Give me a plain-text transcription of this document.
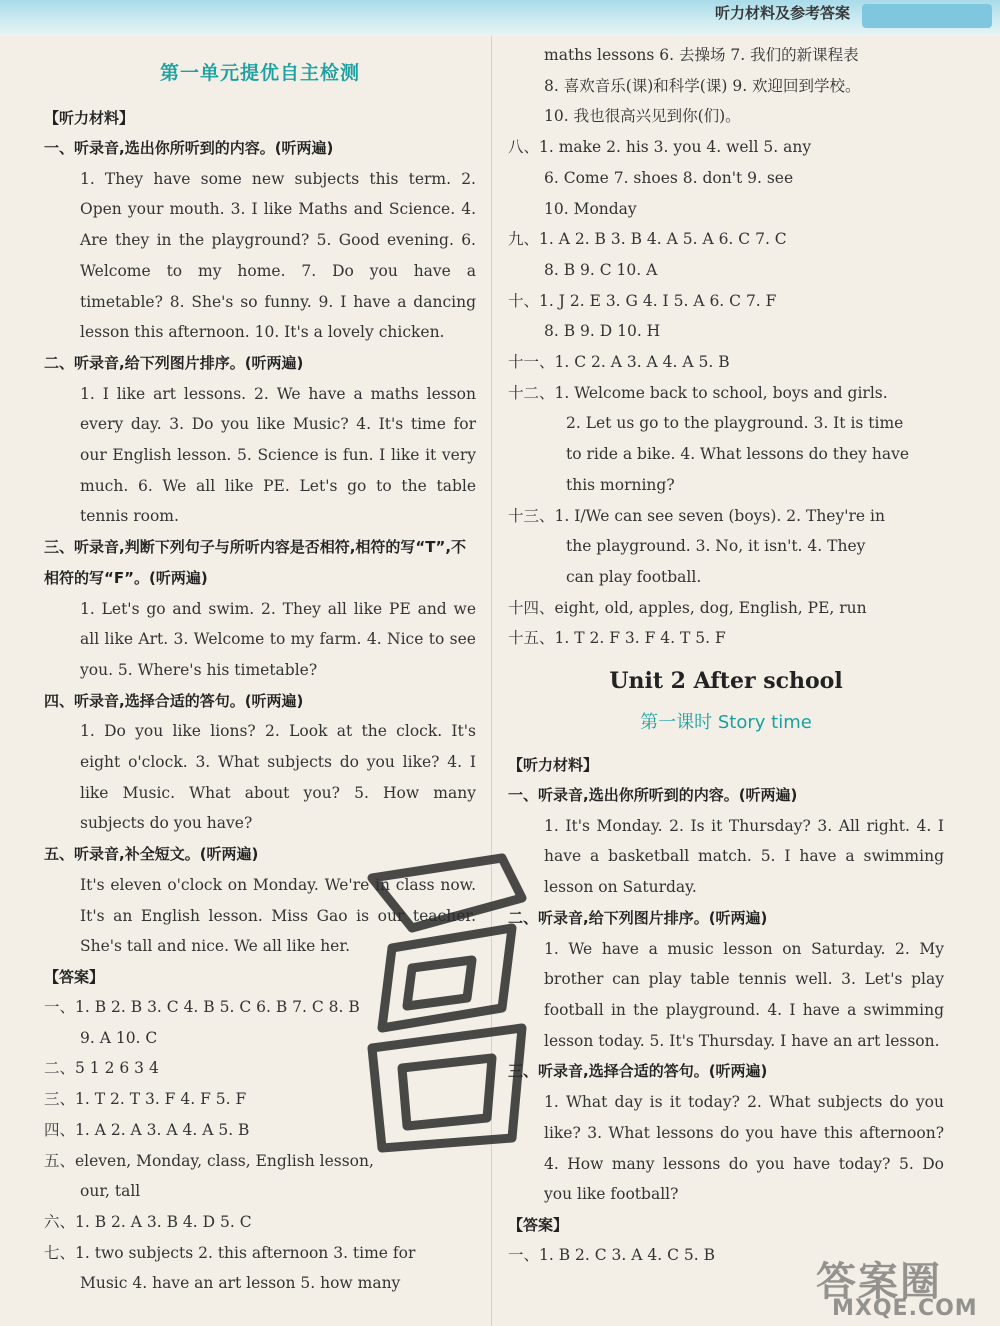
听力材料及参考答案
第一单元提优自主检测
【听力材料】
一、听录音,选出你所听到的内容。(听两遍)
1. They have some new subjects this term. 2. Open your mouth. 3. I like Maths and Science. 4. Are they in the playground? 5. Good evening. 6. Welcome to my home. 7. Do you have a timetable? 8. She's so funny. 9. I have a dancing lesson this afternoon. 10. It's a lovely chicken.
二、听录音,给下列图片排序。(听两遍)
1. I like art lessons. 2. We have a maths lesson every day. 3. Do you like Music? 4. It's time for our English lesson. 5. Science is fun. I like it very much. 6. We all like PE. Let's go to the table tennis room.
三、听录音,判断下列句子与所听内容是否相符,相符的写“T”,不相符的写“F”。(听两遍)
1. Let's go and swim. 2. They all like PE and we all like Art. 3. Welcome to my farm. 4. Nice to see you. 5. Where's his timetable?
四、听录音,选择合适的答句。(听两遍)
1. Do you like lions? 2. Look at the clock. It's eight o'clock. 3. What subjects do you like? 4. I like Music. What about you? 5. How many subjects do you have?
五、听录音,补全短文。(听两遍)
It's eleven o'clock on Monday. We're in class now. It's an English lesson. Miss Gao is our teacher. She's tall and nice. We all like her.
【答案】
一、1. B 2. B 3. C 4. B 5. C 6. B 7. C 8. B
9. A 10. C
二、5 1 2 6 3 4
三、1. T 2. T 3. F 4. F 5. F
四、1. A 2. A 3. A 4. A 5. B
五、eleven, Monday, class, English lesson,
our, tall
六、1. B 2. A 3. B 4. D 5. C
七、1. two subjects 2. this afternoon 3. time for
Music 4. have an art lesson 5. how many
maths lessons 6. 去操场 7. 我们的新课程表
8. 喜欢音乐(课)和科学(课) 9. 欢迎回到学校。
10. 我也很高兴见到你(们)。
八、1. make 2. his 3. you 4. well 5. any
6. Come 7. shoes 8. don't 9. see
10. Monday
九、1. A 2. B 3. B 4. A 5. A 6. C 7. C
8. B 9. C 10. A
十、1. J 2. E 3. G 4. I 5. A 6. C 7. F
8. B 9. D 10. H
十一、1. C 2. A 3. A 4. A 5. B
十二、1. Welcome back to school, boys and girls.
2. Let us go to the playground. 3. It is time
to ride a bike. 4. What lessons do they have
this morning?
十三、1. I/We can see seven (boys). 2. They're in
the playground. 3. No, it isn't. 4. They
can play football.
十四、eight, old, apples, dog, English, PE, run
十五、1. T 2. F 3. F 4. T 5. F
Unit 2 After school
第一课时 Story time
【听力材料】
一、听录音,选出你所听到的内容。(听两遍)
1. It's Monday. 2. Is it Thursday? 3. All right. 4. I have a basketball match. 5. I have a swimming lesson on Saturday.
二、听录音,给下列图片排序。(听两遍)
1. We have a music lesson on Saturday. 2. My brother can play table tennis well. 3. Let's play football in the playground. 4. I have a swimming lesson today. 5. It's Thursday. I have an art lesson.
三、听录音,选择合适的答句。(听两遍)
1. What day is it today? 2. What subjects do you like? 3. What lessons do you have this afternoon? 4. How many lessons do you have today? 5. Do you like football?
【答案】
一、1. B 2. C 3. A 4. C 5. B
答案圈
MXQE.COM
